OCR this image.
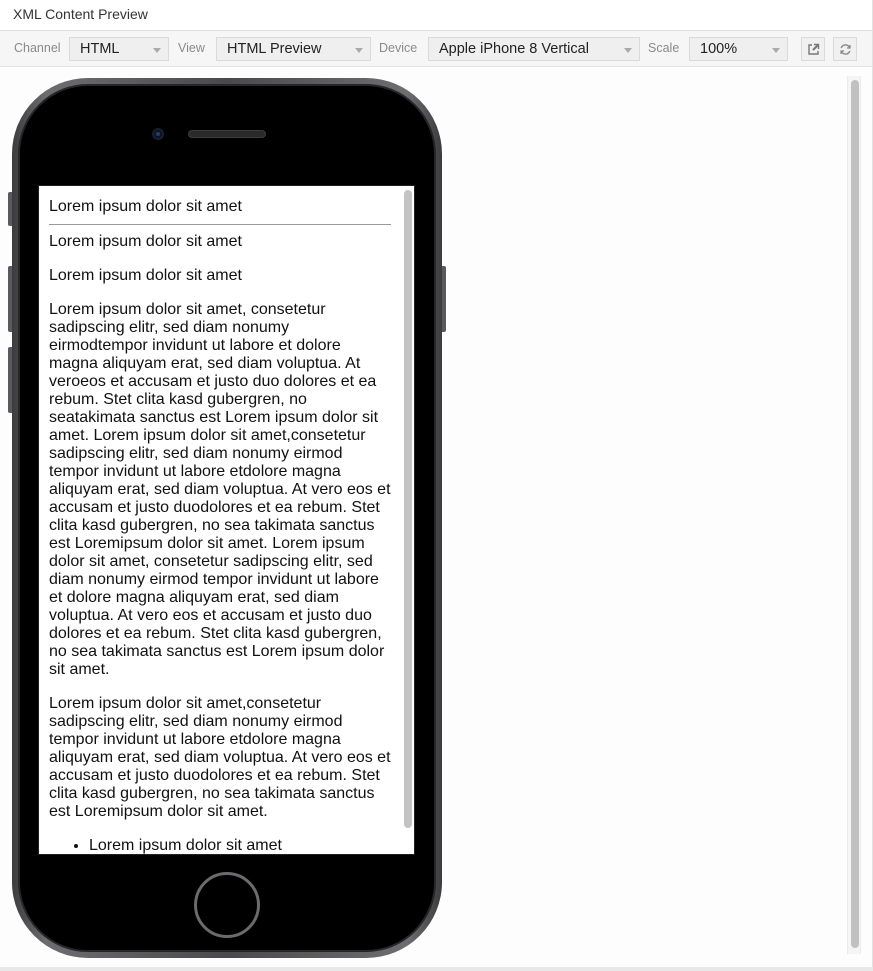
XML Content Preview
Channel	HTML	View	HTML Preview	Device	Apple iPhone 8 Vertical	Scale	100%

Lorem ipsum dolor sit amet

Lorem ipsum dolor sit amet

Lorem ipsum dolor sit amet

Lorem ipsum dolor sit amet, consetetur sadipscing elitr, sed diam nonumy eirmodtempor invidunt ut labore et dolore magna aliquyam erat, sed diam voluptua. At veroeos et accusam et justo duo dolores et ea rebum. Stet clita kasd gubergren, no seatakimata sanctus est Lorem ipsum dolor sit amet. Lorem ipsum dolor sit amet,consetetur sadipscing elitr, sed diam nonumy eirmod tempor invidunt ut labore etdolore magna aliquyam erat, sed diam voluptua. At vero eos et accusam et justo duodolores et ea rebum. Stet clita kasd gubergren, no sea takimata sanctus est Loremipsum dolor sit amet. Lorem ipsum dolor sit amet, consetetur sadipscing elitr, sed diam nonumy eirmod tempor invidunt ut labore et dolore magna aliquyam erat, sed diam voluptua. At vero eos et accusam et justo duo dolores et ea rebum. Stet clita kasd gubergren, no sea takimata sanctus est Lorem ipsum dolor sit amet.

Lorem ipsum dolor sit amet,consetetur sadipscing elitr, sed diam nonumy eirmod tempor invidunt ut labore etdolore magna aliquyam erat, sed diam voluptua. At vero eos et accusam et justo duodolores et ea rebum. Stet clita kasd gubergren, no sea takimata sanctus est Loremipsum dolor sit amet.

• Lorem ipsum dolor sit amet
